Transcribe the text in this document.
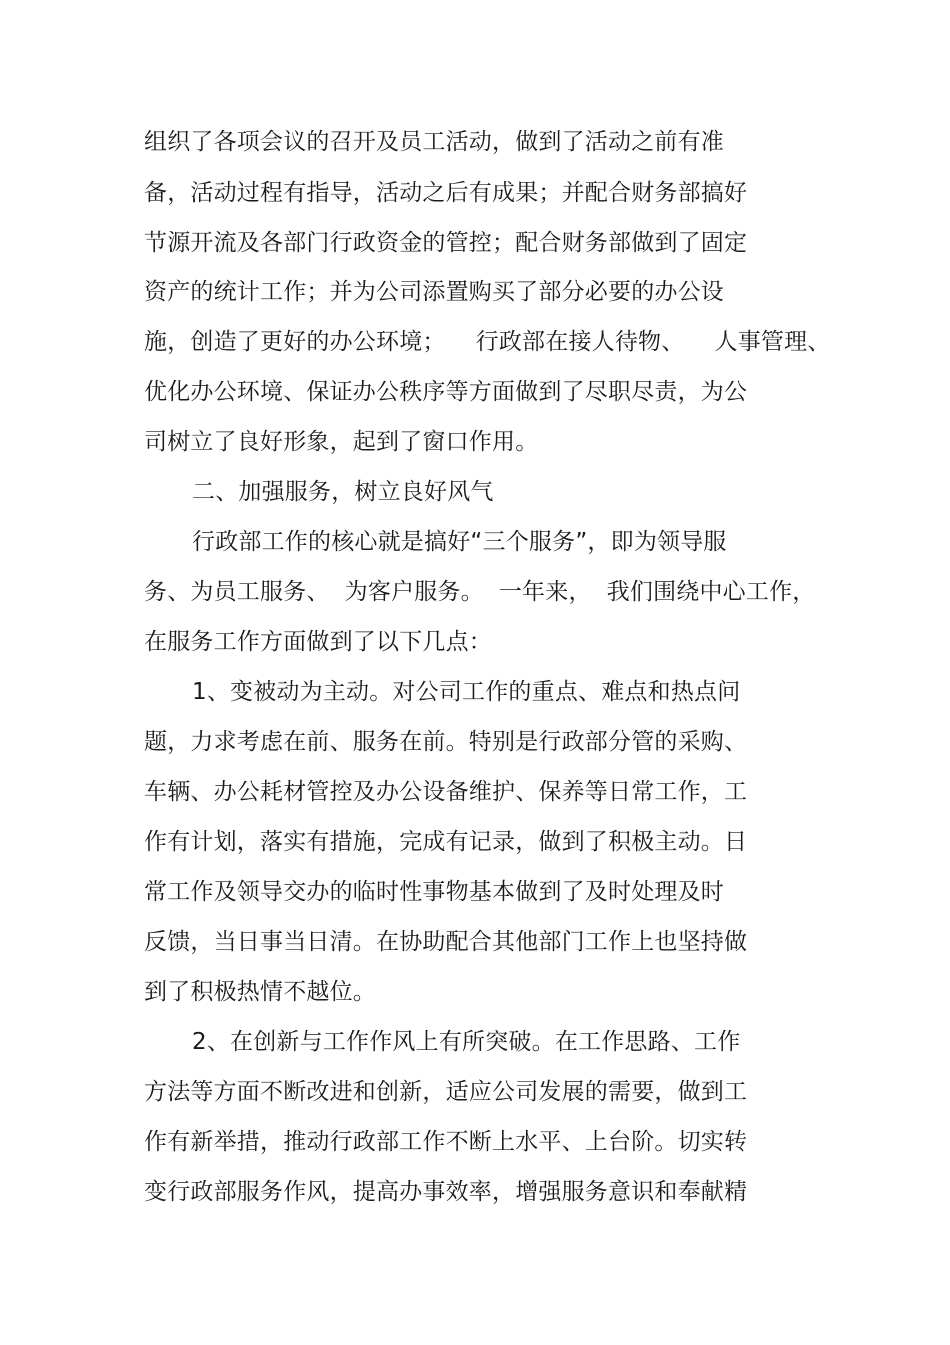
组织了各项会议的召开及员工活动，做到了活动之前有准
备，活动过程有指导，活动之后有成果；并配合财务部搞好
节源开流及各部门行政资金的管控；配合财务部做到了固定
资产的统计工作；并为公司添置购买了部分必要的办公设
施，创造了更好的办公环境；    行政部在接人待物、    人事管理、
优化办公环境、保证办公秩序等方面做到了尽职尽责，为公
司树立了良好形象，起到了窗口作用。
二、加强服务，树立良好风气
行政部工作的核心就是搞好“三个服务”，即为领导服
务、为员工服务、  为客户服务。  一年来，  我们围绕中心工作，
在服务工作方面做到了以下几点：
1、变被动为主动。对公司工作的重点、难点和热点问
题，力求考虑在前、服务在前。特别是行政部分管的采购、
车辆、办公耗材管控及办公设备维护、保养等日常工作，工
作有计划，落实有措施，完成有记录，做到了积极主动。日
常工作及领导交办的临时性事物基本做到了及时处理及时
反馈，当日事当日清。在协助配合其他部门工作上也坚持做
到了积极热情不越位。
2、在创新与工作作风上有所突破。在工作思路、工作
方法等方面不断改进和创新，适应公司发展的需要，做到工
作有新举措，推动行政部工作不断上水平、上台阶。切实转
变行政部服务作风，提高办事效率，增强服务意识和奉献精
